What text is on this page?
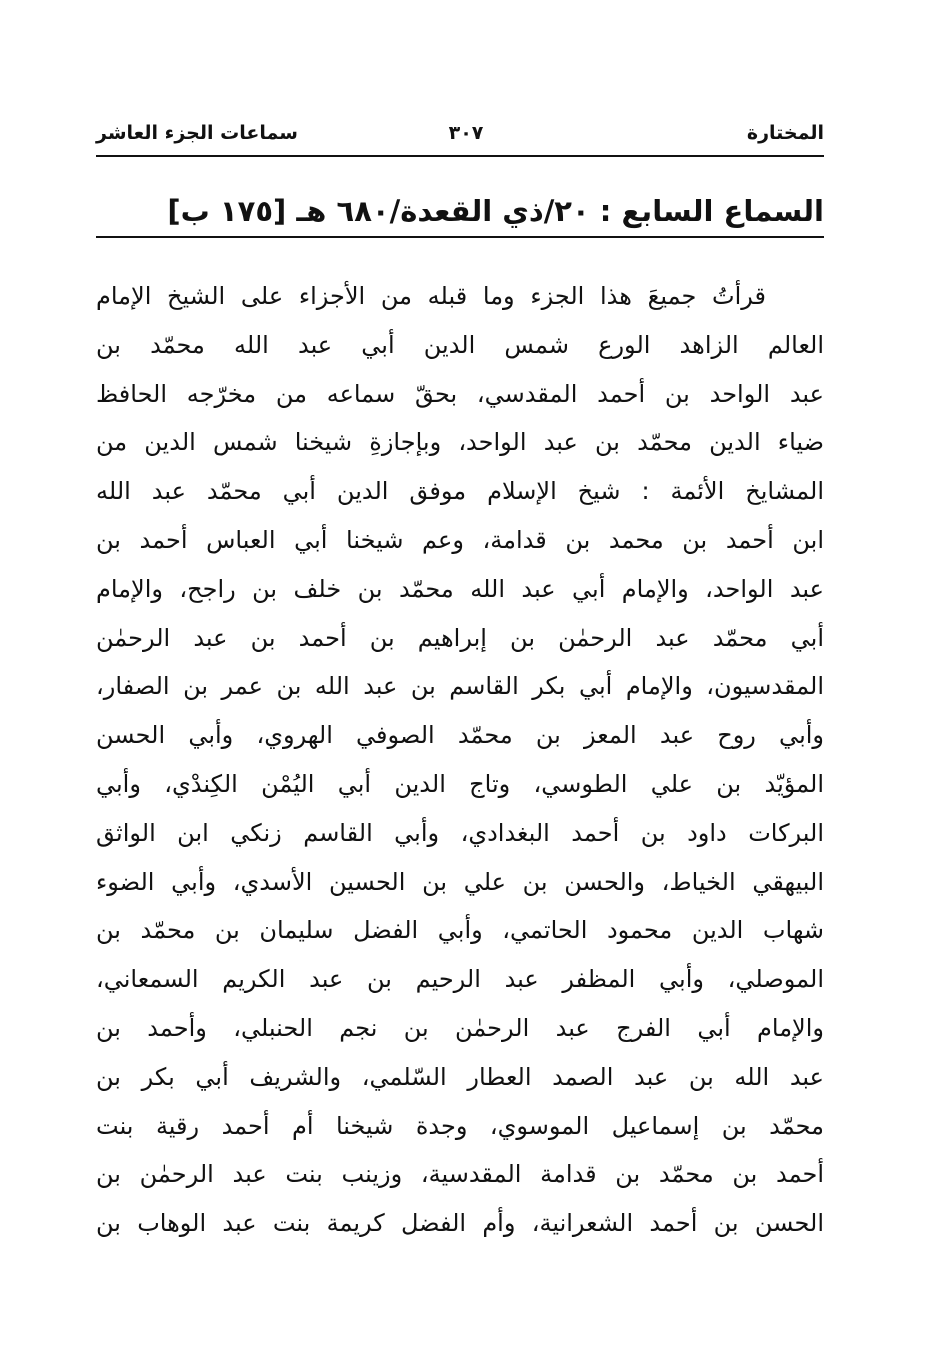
المختارة
٣٠٧
سماعات الجزء العاشر
السماع السابع : ٢٠/ذي القعدة/٦٨٠ هـ [١٧٥ ب]
قرأتُ جميعَ هذا الجزء وما قبله من الأجزاء على الشيخ الإمام
العالم الزاهد الورع شمس الدين أبي عبد الله محمّد بن
عبد الواحد بن أحمد المقدسي، بحقّ سماعه من مخرّجه الحافظ
ضياء الدين محمّد بن عبد الواحد، وبإجازةِ شيخنا شمس الدين من
المشايخ الأئمة : شيخ الإسلام موفق الدين أبي محمّد عبد الله
ابن أحمد بن محمد بن قدامة، وعم شيخنا أبي العباس أحمد بن
عبد الواحد، والإمام أبي عبد الله محمّد بن خلف بن راجح، والإمام
أبي محمّد عبد الرحمٰن بن إبراهيم بن أحمد بن عبد الرحمٰن
المقدسيون، والإمام أبي بكر القاسم بن عبد الله بن عمر بن الصفار،
وأبي روح عبد المعز بن محمّد الصوفي الهروي، وأبي الحسن
المؤيّد بن علي الطوسي، وتاج الدين أبي اليُمْن الكِندْي، وأبي
البركات داود بن أحمد البغدادي، وأبي القاسم زنكي ابن الواثق
البيهقي الخياط، والحسن بن علي بن الحسين الأسدي، وأبي الضوء
شهاب الدين محمود الحاتمي، وأبي الفضل سليمان بن محمّد بن
الموصلي، وأبي المظفر عبد الرحيم بن عبد الكريم السمعاني،
والإمام أبي الفرج عبد الرحمٰن بن نجم الحنبلي، وأحمد بن
عبد الله بن عبد الصمد العطار السّلمي، والشريف أبي بكر بن
محمّد بن إسماعيل الموسوي، وجدة شيخنا أم أحمد رقية بنت
أحمد بن محمّد بن قدامة المقدسية، وزينب بنت عبد الرحمٰن بن
الحسن بن أحمد الشعرانية، وأم الفضل كريمة بنت عبد الوهاب بن
